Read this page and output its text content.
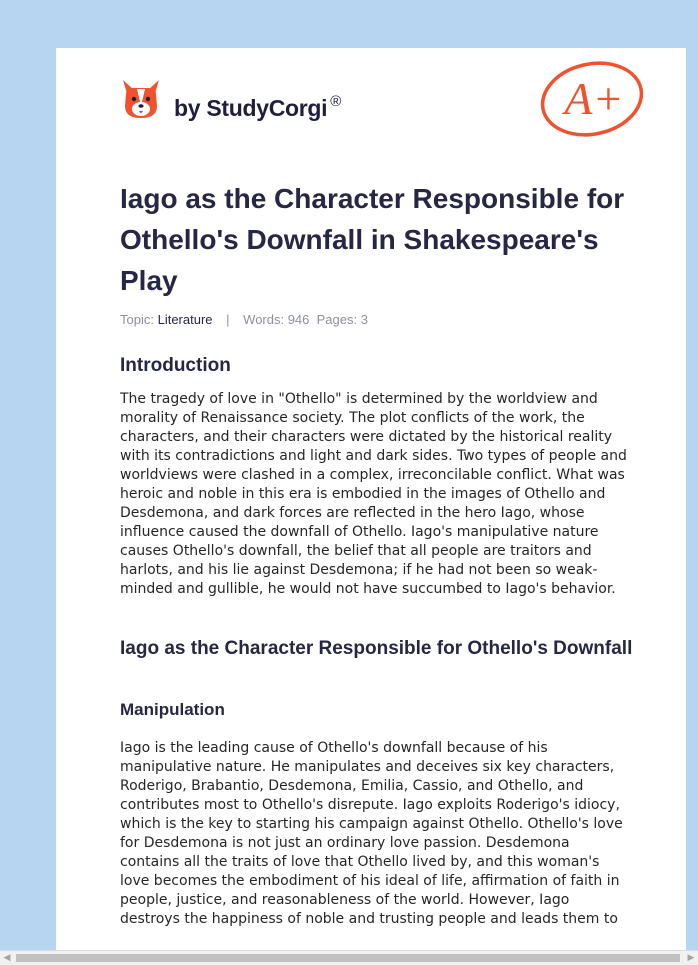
by StudyCorgi ®	A+
Iago as the Character Responsible for Othello's Downfall in Shakespeare's Play
Topic: Literature | Words: 946 Pages: 3
Introduction

The tragedy of love in "Othello" is determined by the worldview and morality of Renaissance society. The plot conflicts of the work, the characters, and their characters were dictated by the historical reality with its contradictions and light and dark sides. Two types of people and worldviews were clashed in a complex, irreconcilable conflict. What was heroic and noble in this era is embodied in the images of Othello and Desdemona, and dark forces are reflected in the hero Iago, whose influence caused the downfall of Othello. Iago's manipulative nature causes Othello's downfall, the belief that all people are traitors and harlots, and his lie against Desdemona; if he had not been so weak-minded and gullible, he would not have succumbed to Iago's behavior.

Iago as the Character Responsible for Othello's Downfall
Manipulation

Iago is the leading cause of Othello's downfall because of his manipulative nature. He manipulates and deceives six key characters, Roderigo, Brabantio, Desdemona, Emilia, Cassio, and Othello, and contributes most to Othello's disrepute. Iago exploits Roderigo's idiocy, which is the key to starting his campaign against Othello. Othello's love for Desdemona is not just an ordinary love passion. Desdemona contains all the traits of love that Othello lived by, and this woman's love becomes the embodiment of his ideal of life, affirmation of faith in people, justice, and reasonableness of the world. However, Iago destroys the happiness of noble and trusting people and leads them to

◀	▶
